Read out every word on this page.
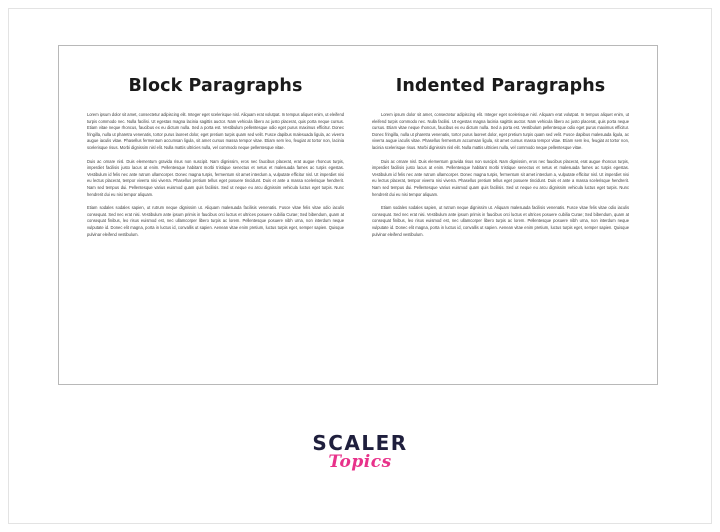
Block Paragraphs

Lorem ipsum dolor sit amet, consectetur adipiscing elit. Integer eget scelerisque nisl. Aliquam erat volutpat. In tempus aliquet enim, ut eleifend turpis commodo nec. Nulla facilisi. Ut egestas magna lacinia sagittis auctor. Nam vehicula libero ac justo placerat, quis porta neque cursus. Etiam vitae neque rhoncus, faucibus ex eu dictum nulla. Sed a porta est. Vestibulum pellentesque odio eget purus maximus efficitur. Donec fringilla, nulla ut pharetra venenatis, tortor purus laoreet dolor, eget pretium turpis quam sed velit. Fusce dapibus malesuada ligula, ac viverra augue iaculis vitae. Phasellus fermentum accumsan ligula, sit amet cursus massa tempor vitae. Etiam sem leo, feugiat at tortor non, lacinia scelerisque risus. Morbi dignissim nisl elit. Nulla mattis ultricies nulla, vel commodo neque pellentesque vitae.

Duis ac ornare nisl. Duis elementum gravida risus non suscipit. Nam dignissim, eros nec faucibus placerat, erat augue rhoncus turpis, imperdiet facilisis justo lacus at enim. Pellentesque habitant morbi tristique senectus et netus et malesuada fames ac turpis egestas. Vestibulum id felis nec ante rutrum ullamcorper. Donec magna turpis, fermentum sit amet interdum a, vulputate efficitur nisl. Ut imperdiet nisi eu lectus placerat, tempor viverra nisi viverra. Phasellus pretium tellus eget posuere tincidunt. Duis et ante a massa scelerisque hendrerit. Nam sed tempus dui. Pellentesque varius euismod quam quis facilisis. Sed ut neque eu arcu dignissim vehicula luctus eget turpis. Nunc hendrerit dui eu nisi tempor aliquam.

Etiam sodales sodales sapien, ut rutrum neque dignissim ut. Aliquam malesuada facilisis venenatis. Fusce vitae felis vitae odio iaculis consequat. Sed nec erat nisi. Vestibulum ante ipsum primis in faucibus orci luctus et ultrices posuere cubilia Curae; Sed bibendum, quam at consequat finibus, leo risus euismod est, nec ullamcorper libero turpis ac lorem. Pellentesque posuere nibh urna, non interdum neque vulputate id. Donec elit magna, porta in luctus id, convallis ut sapien. Aenean vitae enim pretium, luctus turpis eget, semper sapien. Quisque pulvinar eleifend vestibulum.

Indented Paragraphs

Lorem ipsum dolor sit amet, consectetur adipiscing elit. Integer eget scelerisque nisl. Aliquam erat volutpat. In tempus aliquet enim, ut eleifend turpis commodo nec. Nulla facilisi. Ut egestas magna lacinia sagittis auctor. Nam vehicula libero ac justo placerat, quis porta neque cursus. Etiam vitae neque rhoncus, faucibus ex eu dictum nulla. Sed a porta est. Vestibulum pellentesque odio eget purus maximus efficitur. Donec fringilla, nulla ut pharetra venenatis, tortor purus laoreet dolor, eget pretium turpis quam sed velit. Fusce dapibus malesuada ligula, ac viverra augue iaculis vitae. Phasellus fermentum accumsan ligula, sit amet cursus massa tempor vitae. Etiam sem leo, feugiat at tortor non, lacinia scelerisque risus. Morbi dignissim nisl elit. Nulla mattis ultricies nulla, vel commodo neque pellentesque vitae.

Duis ac ornare nisl. Duis elementum gravida risus non suscipit. Nam dignissim, eros nec faucibus placerat, erat augue rhoncus turpis, imperdiet facilisis justo lacus at enim. Pellentesque habitant morbi tristique senectus et netus et malesuada fames ac turpis egestas. Vestibulum id felis nec ante rutrum ullamcorper. Donec magna turpis, fermentum sit amet interdum a, vulputate efficitur nisl. Ut imperdiet nisi eu lectus placerat, tempor viverra nisi viverra. Phasellus pretium tellus eget posuere tincidunt. Duis et ante a massa scelerisque hendrerit. Nam sed tempus dui. Pellentesque varius euismod quam quis facilisis. Sed ut neque eu arcu dignissim vehicula luctus eget turpis. Nunc hendrerit dui eu nisi tempor aliquam.

Etiam sodales sodales sapien, ut rutrum neque dignissim ut. Aliquam malesuada facilisis venenatis. Fusce vitae felis vitae odio iaculis consequat. Sed nec erat nisi. Vestibulum ante ipsum primis in faucibus orci luctus et ultrices posuere cubilia Curae; Sed bibendum, quam at consequat finibus, leo risus euismod est, nec ullamcorper libero turpis ac lorem. Pellentesque posuere nibh urna, non interdum neque vulputate id. Donec elit magna, porta in luctus id, convallis ut sapien. Aenean vitae enim pretium, luctus turpis eget, semper sapien. Quisque pulvinar eleifend vestibulum.

SCALER
Topics
